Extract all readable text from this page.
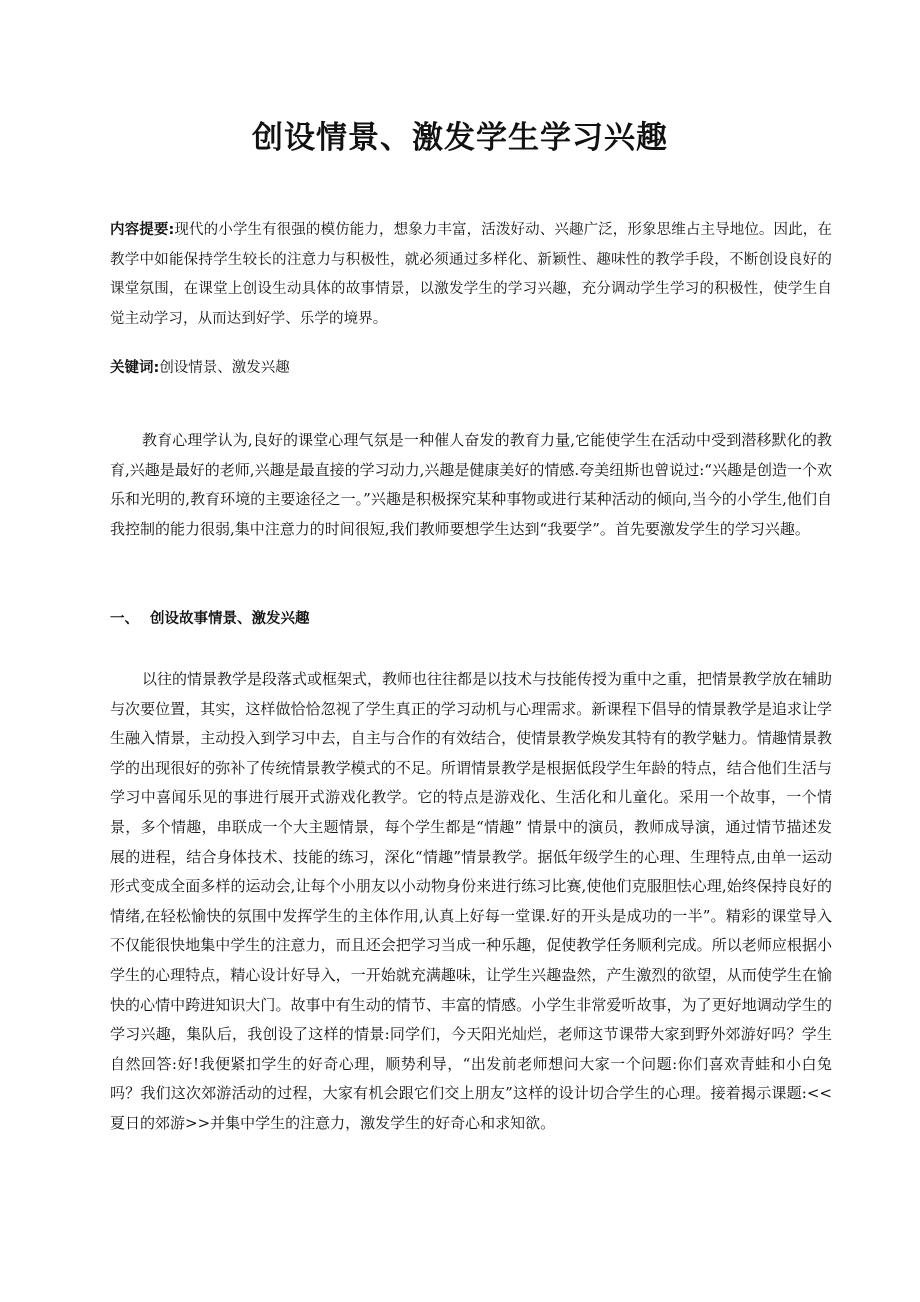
创设情景、激发学生学习兴趣

内容提要:现代的小学生有很强的模仿能力，想象力丰富，活泼好动、兴趣广泛，形象思维占主导地位。因此，在教学中如能保持学生较长的注意力与积极性，就必须通过多样化、新颖性、趣味性的教学手段，不断创设良好的课堂氛围，在课堂上创设生动具体的故事情景，以激发学生的学习兴趣，充分调动学生学习的积极性，使学生自觉主动学习，从而达到好学、乐学的境界。

关键词:创设情景、激发兴趣

教育心理学认为,良好的课堂心理气氛是一种催人奋发的教育力量,它能使学生在活动中受到潜移默化的教育,兴趣是最好的老师,兴趣是最直接的学习动力,兴趣是健康美好的情感.夸美纽斯也曾说过:“兴趣是创造一个欢乐和光明的,教育环境的主要途径之一。”兴趣是积极探究某种事物或进行某种活动的倾向,当今的小学生,他们自我控制的能力很弱,集中注意力的时间很短,我们教师要想学生达到“我要学”。首先要激发学生的学习兴趣。

一、 创设故事情景、激发兴趣

以往的情景教学是段落式或框架式，教师也往往都是以技术与技能传授为重中之重，把情景教学放在辅助与次要位置，其实，这样做恰恰忽视了学生真正的学习动机与心理需求。新课程下倡导的情景教学是追求让学生融入情景，主动投入到学习中去，自主与合作的有效结合，使情景教学焕发其特有的教学魅力。情趣情景教学的出现很好的弥补了传统情景教学模式的不足。所谓情景教学是根据低段学生年龄的特点，结合他们生活与学习中喜闻乐见的事进行展开式游戏化教学。它的特点是游戏化、生活化和儿童化。采用一个故事，一个情景，多个情趣，串联成一个大主题情景，每个学生都是“情趣” 情景中的演员，教师成导演，通过情节描述发展的进程，结合身体技术、技能的练习，深化“情趣”情景教学。据低年级学生的心理、生理特点,由单一运动形式变成全面多样的运动会,让每个小朋友以小动物身份来进行练习比赛,使他们克服胆怯心理,始终保持良好的情绪,在轻松愉快的氛围中发挥学生的主体作用,认真上好每一堂课.好的开头是成功的一半”。精彩的课堂导入不仅能很快地集中学生的注意力，而且还会把学习当成一种乐趣，促使教学任务顺利完成。所以老师应根据小学生的心理特点，精心设计好导入，一开始就充满趣味，让学生兴趣盎然，产生激烈的欲望，从而使学生在愉快的心情中跨进知识大门。故事中有生动的情节、丰富的情感。小学生非常爱听故事，为了更好地调动学生的学习兴趣，集队后，我创设了这样的情景:同学们，今天阳光灿烂，老师这节课带大家到野外郊游好吗？学生自然回答:好!我便紧扣学生的好奇心理，顺势利导，“出发前老师想问大家一个问题:你们喜欢青蛙和小白兔吗？我们这次郊游活动的过程，大家有机会跟它们交上朋友”这样的设计切合学生的心理。接着揭示课题:<<夏日的郊游>>并集中学生的注意力，激发学生的好奇心和求知欲。
